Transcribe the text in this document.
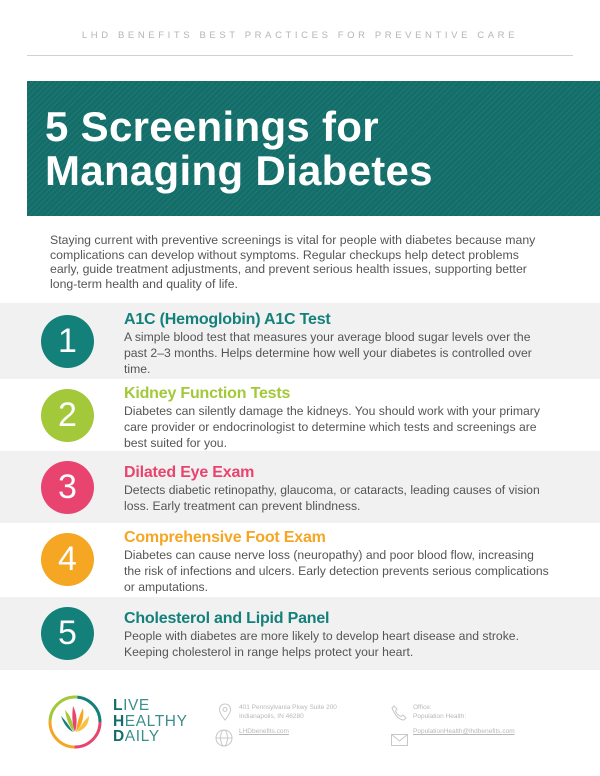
LHD BENEFITS BEST PRACTICES FOR PREVENTIVE CARE
5 Screenings for
Managing Diabetes

Staying current with preventive screenings is vital for people with diabetes because many complications can develop without symptoms. Regular checkups help detect problems early, guide treatment adjustments, and prevent serious health issues, supporting better long-term health and quality of life.

1
A1C (Hemoglobin) A1C Test
A simple blood test that measures your average blood sugar levels over the past 2–3 months. Helps determine how well your diabetes is controlled over time.
2
Kidney Function Tests
Diabetes can silently damage the kidneys. You should work with your primary care provider or endocrinologist to determine which tests and screenings are best suited for you.
3	Dilated Eye Exam
Detects diabetic retinopathy, glaucoma, or cataracts, leading causes of vision loss. Early treatment can prevent blindness.
4
Comprehensive Foot Exam
Diabetes can cause nerve loss (neuropathy) and poor blood flow, increasing the risk of infections and ulcers. Early detection prevents serious complications or amputations.
5	Cholesterol and Lipid Panel
People with diabetes are more likely to develop heart disease and stroke. Keeping cholesterol in range helps protect your heart.
LIVE
HEALTHY
DAILY
401 Pennsylvania Pkwy Suite 200
Indianapolis, IN 46280
LHDbenefits.com
Office:
Population Health:
PopulationHealth@lhdbenefits.com
